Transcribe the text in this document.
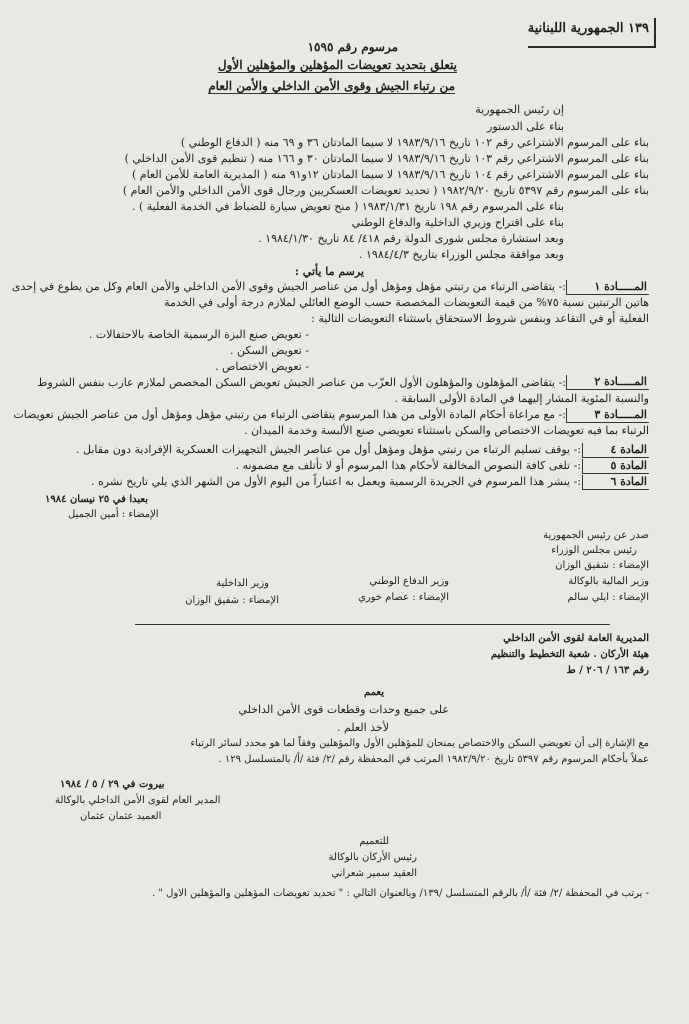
١٣٩ الجمهورية اللبنانية
مرسوم رقم ١٥٩٥
يتعلق بتحديد تعويضات المؤهلين والمؤهلين الأول
من رتباء الجيش وقوى الأمن الداخلي والأمن العام
إن رئيس الجمهورية
بناء على الدستور
بناء على المرسوم الاشتراعي رقم ١٠٢ تاريخ ١٩٨٣/٩/١٦ لا سيما المادتان ٣٦ و ٦٩ منه ( الدفاع الوطني )
بناء على المرسوم الاشتراعي رقم ١٠٣ تاريخ ١٩٨٣/٩/١٦ لا سيما المادتان ٣٠ و ١٦٦ منه ( تنظيم قوى الأمن الداخلي )
بناء على المرسوم الاشتراعي رقم ١٠٤ تاريخ ١٩٨٣/٩/١٦ لا سيما المادتان ١٢و٩١ منه ( المديرية العامة للأمن العام )
بناء على المرسوم رقم ٥٣٩٧ تاريخ ١٩٨٢/٩/٢٠ ( تحديد تعويضات العسكريين ورجال قوى الأمن الداخلي والأمن العام )
بناء على المرسوم رقم ١٩٨ تاريخ ١٩٨٣/١/٣١ ( منح تعويض سيارة للضباط في الخدمة الفعلية ) .
بناء على اقتراح وزيري الداخلية والدفاع الوطني
وبعد استشارة مجلس شورى الدولة رقم ٤١٨/ ٨٤ تاريخ ١٩٨٤/١/٣٠ .
وبعد موافقة مجلس الوزراء بتاريخ ١٩٨٤/٤/٣ .
يرسم ما يأتي :
المـــــادة ١
:- يتقاضى الرتباء من رتبتي مؤهل ومؤهل أول من عناصر الجيش وقوى الأمن الداخلي والأمن العام وكل من يطوع في إحدى
هاتين الرتبتين نسبة ٧٥% من قيمة التعويضات المخصصة حسب الوضع العائلي لملازم درجة أولى في الخدمة
الفعلية أو في التقاعد وبنفس شروط الاستحقاق باستثناء التعويضات التالية :
- تعويض صنع البزة الرسمية الخاصة بالاحتفالات .
- تعويض السكن .
- تعويض الاختصاص .
المـــــادة ٢
:- يتقاضى المؤهلون والمؤهلون الأول العزّب من عناصر الجيش تعويض السكن المخصص لملازم عازب بنفس الشروط
والنسبة المئوية المشار إليهما في المادة الأولى السابقة .
المـــــادة ٣
:- مع مراعاة أحكام المادة الأولى من هذا المرسوم يتقاضى الرتباء من رتبتي مؤهل ومؤهل أول من عناصر الجيش تعويضات
الرتباء بما فيه تعويضات الاختصاص والسكن باستثناء تعويضي صنع الألبسة وخدمة الميدان .
المادة ٤
:- يوقف تسليم الرتباء من رتبتي مؤهل ومؤهل أول من عناصر الجيش التجهيزات العسكرية الإفرادية دون مقابل .
المادة ٥
:- تلغى كافة النصوص المخالفة لأحكام هذا المرسوم أو لا تأتلف مع مضمونه .
المادة ٦
:- ينشر هذا المرسوم في الجريدة الرسمية ويعمل به اعتباراً من اليوم الأول من الشهر الذي يلي تاريخ نشره .
بعبدا في ٢٥ نيسان ١٩٨٤
الإمضاء : أمين الجميل
صدر عن رئيس الجمهورية
رئيس مجلس الوزراء
الإمضاء : شفيق الوزان
وزير المالية بالوكالة
الإمضاء : ايلي سالم
وزير الدفاع الوطني
الإمضاء : عصام خوري
وزير الداخلية
الإمضاء : شفيق الوزان
المديرية العامة لقوى الأمن الداخلي
هيئة الأركان . شعبة التخطيط والتنظيم
رقم ١٦٣ / ٢٠٦ / ط
يعمم
على جميع وحدات وقطعات قوى الأمن الداخلي
لأخذ العلم .
مع الإشارة إلى أن تعويضي السكن والاختصاص يمنحان للمؤهلين الأول والمؤهلين وفقاً لما هو محدد لسائر الرتباء
عملاً بأحكام المرسوم رقم ٥٣٩٧ تاريخ ١٩٨٢/٩/٢٠ المرتب في المحفظة رقم /٢/ فئة /أ/ بالمتسلسل ١٢٩ .
بيروت في ٢٩ / ٥ / ١٩٨٤
المدير العام لقوى الأمن الداخلي بالوكالة
العميد عثمان عثمان
للتعميم
رئيس الأركان بالوكالة
العقيد سمير شعراني
- يرتب في المحفظة /٢/ فئة /أ/ بالرقم المتسلسل /١٣٩/ وبالعنوان التالي : " تحديد تعويضات المؤهلين والمؤهلين الاول " .
